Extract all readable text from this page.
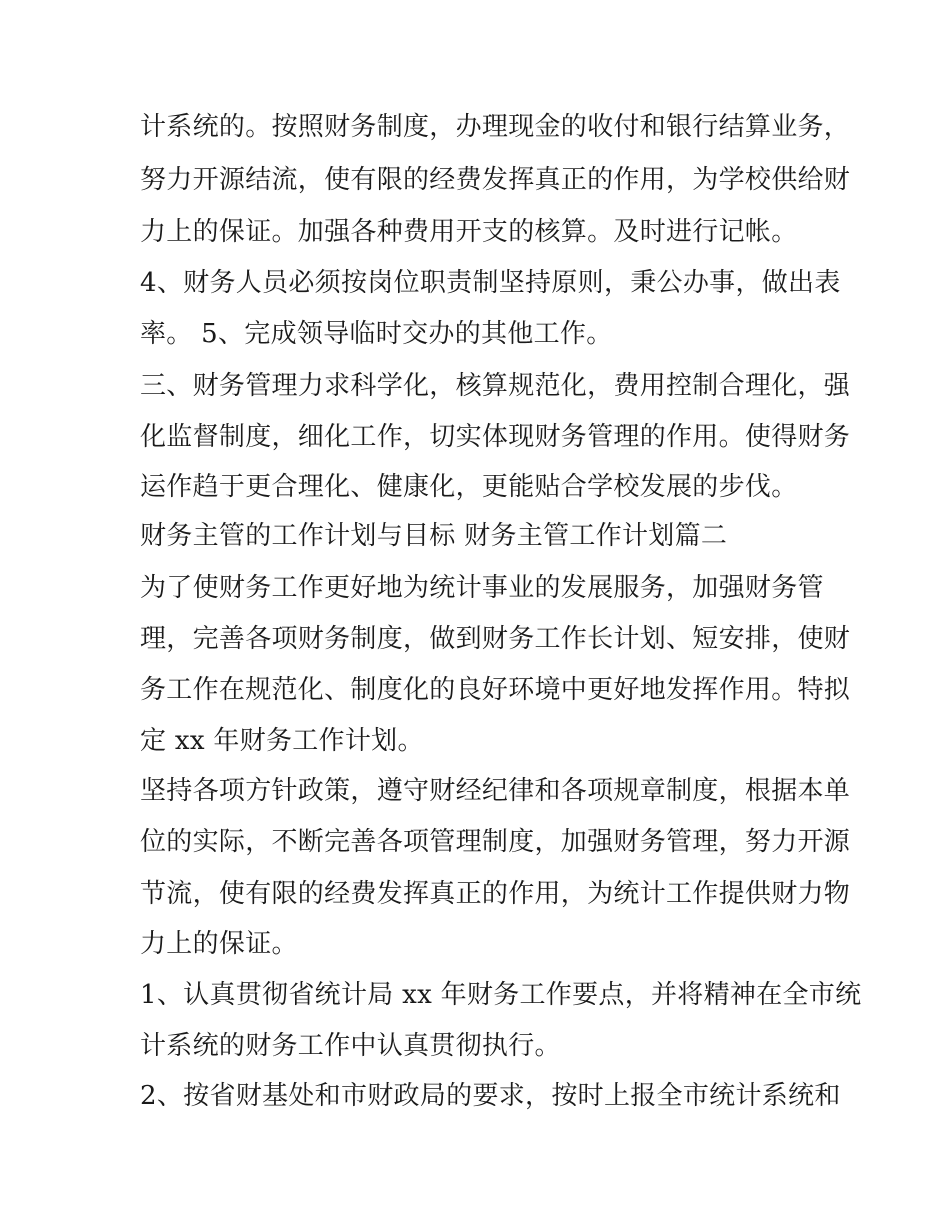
计系统的。按照财务制度，办理现金的收付和银行结算业务，
努力开源结流，使有限的经费发挥真正的作用，为学校供给财
力上的保证。加强各种费用开支的核算。及时进行记帐。
4、财务人员必须按岗位职责制坚持原则，秉公办事，做出表
率。 5、完成领导临时交办的其他工作。
三、财务管理力求科学化，核算规范化，费用控制合理化，强
化监督制度，细化工作，切实体现财务管理的作用。使得财务
运作趋于更合理化、健康化，更能贴合学校发展的步伐。
财务主管的工作计划与目标 财务主管工作计划篇二
为了使财务工作更好地为统计事业的发展服务，加强财务管
理，完善各项财务制度，做到财务工作长计划、短安排，使财
务工作在规范化、制度化的良好环境中更好地发挥作用。特拟
定 xx 年财务工作计划。
坚持各项方针政策，遵守财经纪律和各项规章制度，根据本单
位的实际，不断完善各项管理制度，加强财务管理，努力开源
节流，使有限的经费发挥真正的作用，为统计工作提供财力物
力上的保证。
1、认真贯彻省统计局 xx 年财务工作要点，并将精神在全市统
计系统的财务工作中认真贯彻执行。
2、按省财基处和市财政局的要求，按时上报全市统计系统和
